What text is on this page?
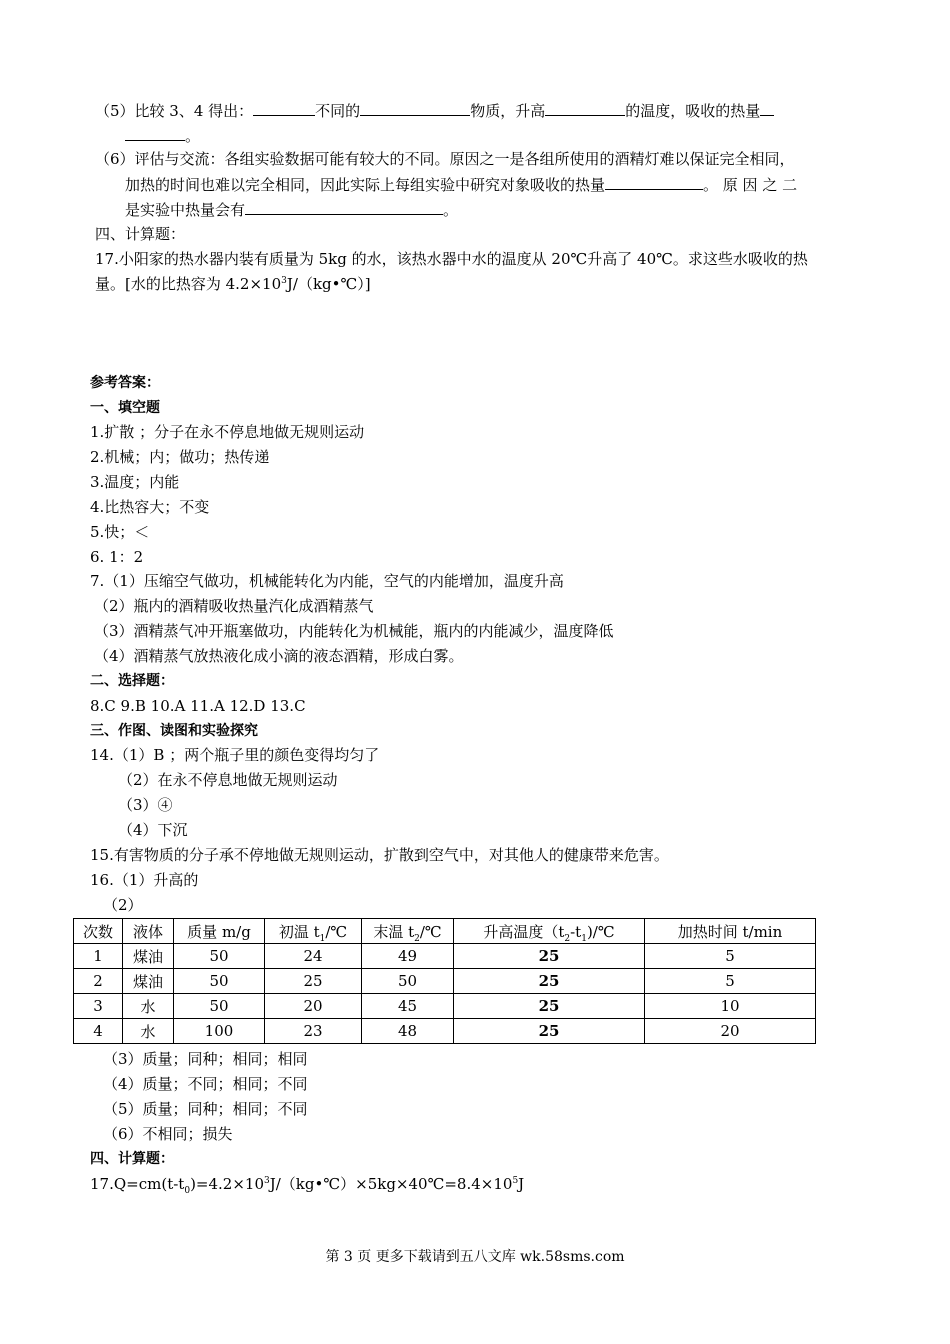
（5）比较 3、4 得出：	不同的	物质，升高	的温度，吸收的热量
。
（6）评估与交流：各组实验数据可能有较大的不同。原因之一是各组所使用的酒精灯难以保证完全相同，
加热的时间也难以完全相同，因此实际上每组实验中研究对象吸收的热量	。 原 因 之 二
是实验中热量会有	。
四、计算题：
17.小阳家的热水器内装有质量为 5kg 的水，该热水器中水的温度从 20℃升高了 40℃。求这些水吸收的热
量。[水的比热容为 $4.2\times 10^3J/(kg•℃)$]
参考答案：
一、填空题
1.扩散 ；分子在永不停息地做无规则运动
2.机械；内；做功；热传递
3.温度；内能
4.比热容大；不变
5.快；＜
6. 1：2
7.（1）压缩空气做功，机械能转化为内能，空气的内能增加，温度升高
（2）瓶内的酒精吸收热量汽化成酒精蒸气
（3）酒精蒸气冲开瓶塞做功，内能转化为机械能，瓶内的内能减少，温度降低
（4）酒精蒸气放热液化成小滴的液态酒精，形成白雾。
二、选择题：
8.C 9.B 10.A 11.A 12.D 13.C
三、作图、读图和实验探究
14.（1）B ；两个瓶子里的颜色变得均匀了
（2）在永不停息地做无规则运动
（3）④
（4）下沉
15.有害物质的分子承不停地做无规则运动，扩散到空气中，对其他人的健康带来危害。
16.（1）升高的
（2）
次数	液体	质量 m/g	初温 $t_1/℃$	末温 $t_2/℃$	升高温度$(t_2-t_1)/℃$	加热时间 t/min
1	煤油	50	24	49	25	5
2	煤油	50	25	50	25	5
3	水	50	20	45	25	10
4	水	100	23	48	25	20
（3）质量；同种；相同；相同
（4）质量；不同；相同；不同
（5）质量；同种；相同；不同
（6）不相同；损失
四、计算题：
$17.Q=cm(t-t_0)=4.2\times 10^3J/(kg•℃)\times 5kg\times 40℃=8.4\times 10^5J$
第 3 页 更多下载请到五八文库 wk.58sms.com
